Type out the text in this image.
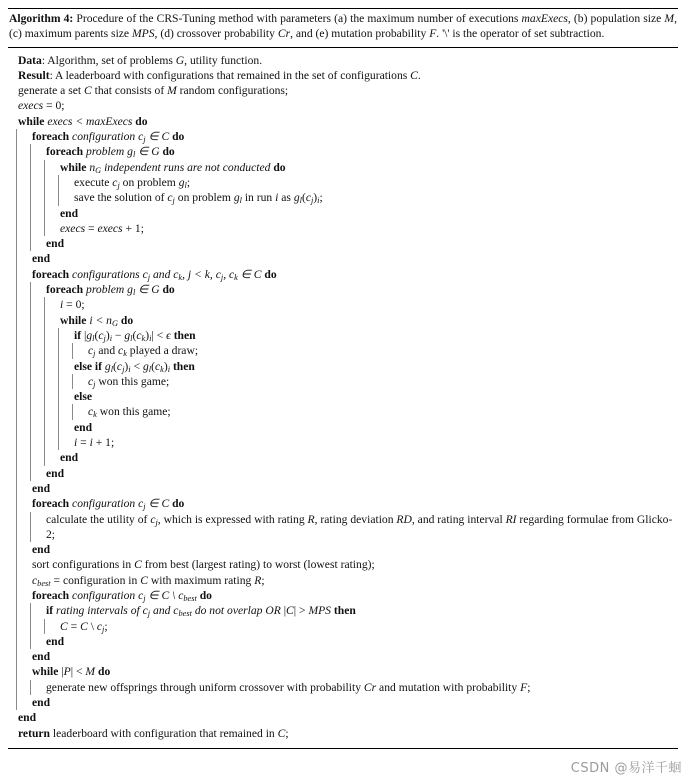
Algorithm 4: Procedure of the CRS-Tuning method with parameters (a) the maximum number of executions maxExecs, (b) population size M, (c) maximum parents size MPS, (d) crossover probability Cr, and (e) mutation probability F. '\' is the operator of set subtraction.
Data: Algorithm, set of problems G, utility function.
Result: A leaderboard with configurations that remained in the set of configurations C.
generate a set C that consists of M random configurations;
execs = 0;
while execs < maxExecs do
foreach configuration $c_j$ ∈ C do
foreach problem $g_l$ ∈ G do
while $n_G$ independent runs are not conducted do
execute $c_j$ on problem $g_l$;
save the solution of $c_j$ on problem $g_l$ in run i as $g_l(c_j)_i$;
end
execs = execs + 1;
end
end
foreach configurations $c_j$ and $c_k$, j < k, $c_j$, $c_k$ ∈ C do
foreach problem $g_l$ ∈ G do
i = 0;
while $i < n_G$ do
if $|g_l(c_j)_i - g_l(c_k)_i| < \epsilon$ then
$c_j$ and $c_k$ played a draw;
else if $g_l(c_j)_i < g_l(c_k)_i$ then
$c_j$ won this game;
else
$c_k$ won this game;
end
i = i + 1;
end
end
end
foreach configuration $c_j$ ∈ C do
calculate the utility of $c_j$, which is expressed with rating R, rating deviation RD, and rating interval RI regarding formulae from Glicko-2;
end
sort configurations in C from best (largest rating) to worst (lowest rating);
$c_{best}$ = configuration in C with maximum rating R;
foreach configuration $c_j$ ∈ C \ $c_{best}$ do
if rating intervals of $c_j$ and $c_{best}$ do not overlap OR |C| > MPS then
C = C \ $c_j$;
end
end
while |P| < M do
generate new offsprings through uniform crossover with probability Cr and mutation with probability F;
end
end
return leaderboard with configuration that remained in C;
CSDN @易洋千蛔
